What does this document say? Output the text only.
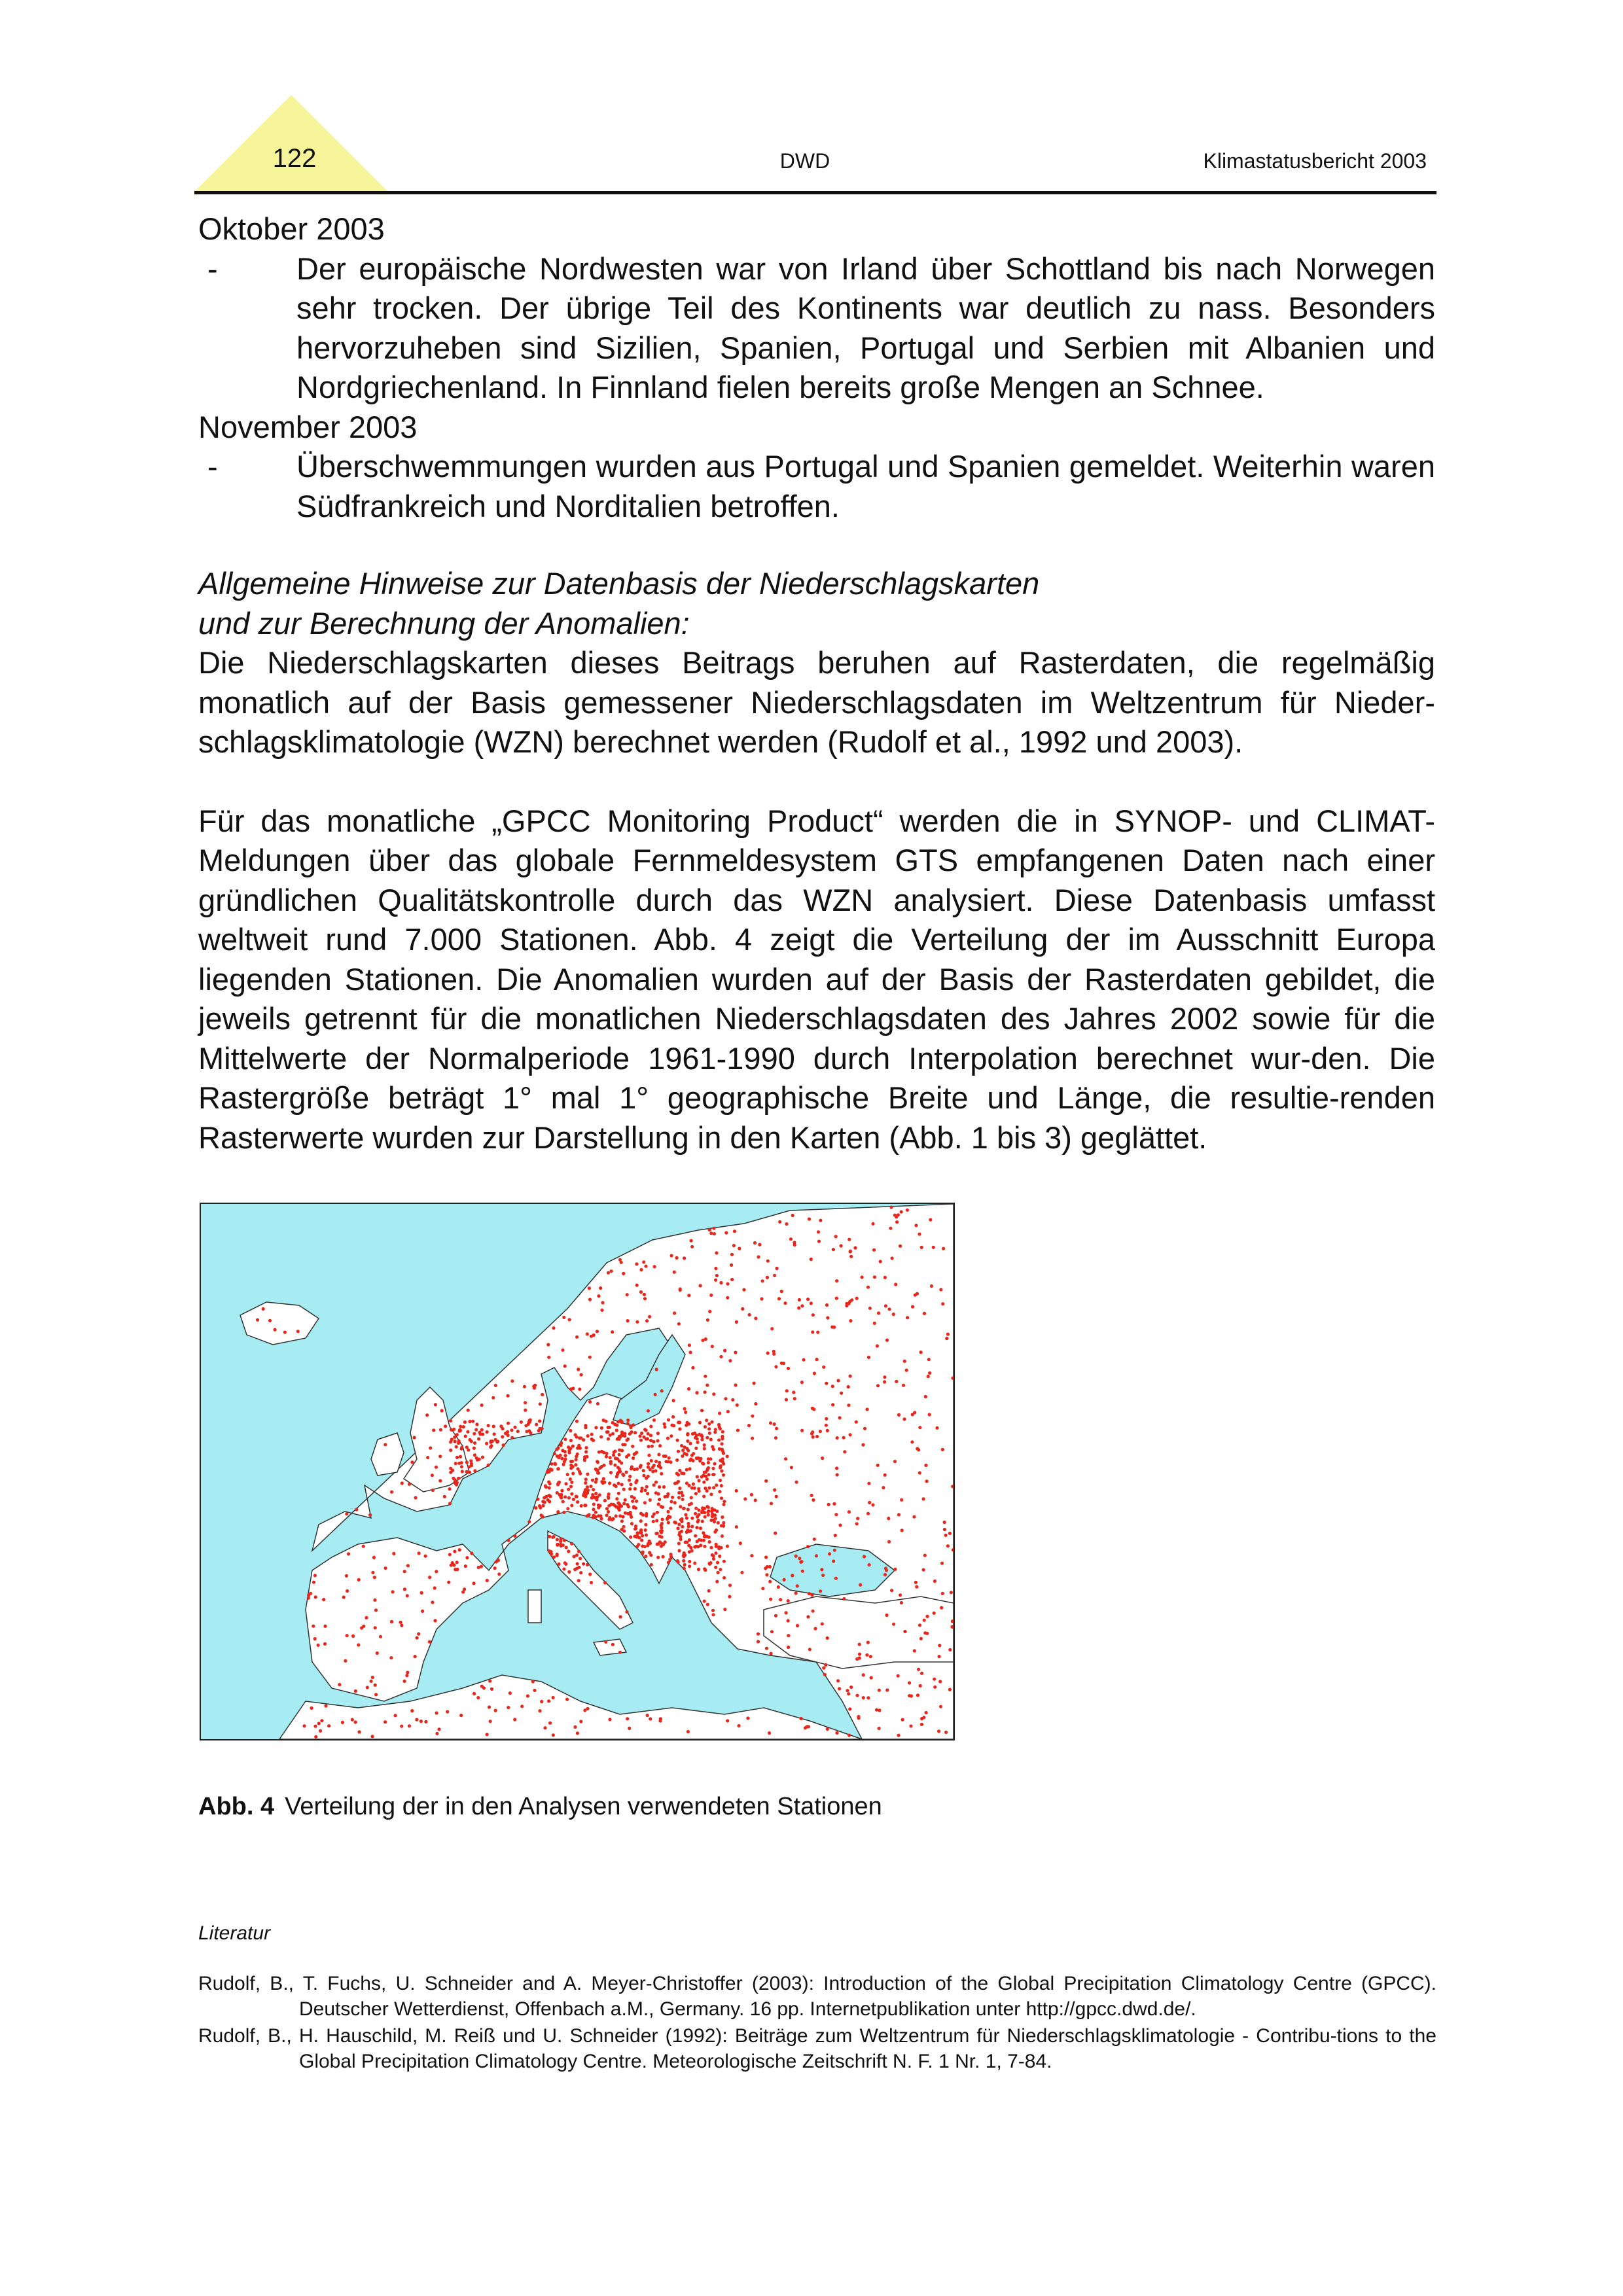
122	DWD	Klimastatusbericht 2003

Oktober 2003

-	Der europäische Nordwesten war von Irland über Schottland bis nach Norwegen sehr trocken. Der übrige Teil des Kontinents war deutlich zu nass. Besonders hervorzuheben sind Sizilien, Spanien, Portugal und Serbien mit Albanien und Nordgriechenland. In Finnland fielen bereits große Mengen an Schnee.

November 2003

-	Überschwemmungen wurden aus Portugal und Spanien gemeldet. Weiterhin waren Südfrankreich und Norditalien betroffen.

Allgemeine Hinweise zur Datenbasis der Niederschlagskarten

und zur Berechnung der Anomalien:

Die Niederschlagskarten dieses Beitrags beruhen auf Rasterdaten, die regelmäßig monatlich auf der Basis gemessener Niederschlagsdaten im Weltzentrum für Nieder-schlagsklimatologie (WZN) berechnet werden (Rudolf et al., 1992 und 2003).

Für das monatliche „GPCC Monitoring Product“ werden die in SYNOP- und CLIMAT-Meldungen über das globale Fernmeldesystem GTS empfangenen Daten nach einer gründlichen Qualitätskontrolle durch das WZN analysiert. Diese Datenbasis umfasst weltweit rund 7.000 Stationen. Abb. 4 zeigt die Verteilung der im Ausschnitt Europa liegenden Stationen. Die Anomalien wurden auf der Basis der Rasterdaten gebildet, die jeweils getrennt für die monatlichen Niederschlagsdaten des Jahres 2002 sowie für die Mittelwerte der Normalperiode 1961-1990 durch Interpolation berechnet wur-den. Die Rastergröße beträgt 1° mal 1° geographische Breite und Länge, die resultie-renden Rasterwerte wurden zur Darstellung in den Karten (Abb. 1 bis 3) geglättet.

Abb. 4 Verteilung der in den Analysen verwendeten Stationen
Literatur

Rudolf, B., T. Fuchs, U. Schneider and A. Meyer-Christoffer (2003): Introduction of the Global Precipitation Climatology Centre (GPCC). Deutscher Wetterdienst, Offenbach a.M., Germany. 16 pp. Internetpublikation unter http://gpcc.dwd.de/.

Rudolf, B., H. Hauschild, M. Reiß und U. Schneider (1992): Beiträge zum Weltzentrum für Niederschlagsklimatologie - Contribu-tions to the Global Precipitation Climatology Centre. Meteorologische Zeitschrift N. F. 1 Nr. 1, 7-84.
